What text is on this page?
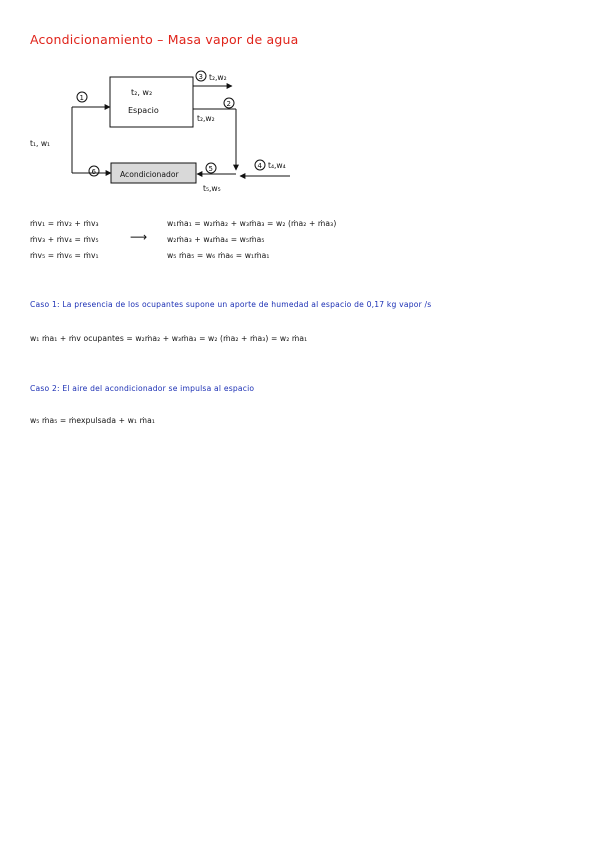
Acondicionamiento – Masa vapor de agua
t₂, w₂
Espacio
Acondicionador
1
3
2
4
5
6
t₂,w₂
t₂,w₂
t₄,w₄
t₅,w₅
t₁, w₁
ṁv₁ = ṁv₂ + ṁv₃
ṁv₃ + ṁv₄ = ṁv₅
ṁv₅ = ṁv₆ = ṁv₁
⟶
w₁ṁa₁ = w₂ṁa₂ + w₃ṁa₃ = w₂ (ṁa₂ + ṁa₃)
w₂ṁa₃ + w₄ṁa₄ = w₅ṁa₅
w₅ ṁa₅ = w₆ ṁa₆ = w₁ṁa₁
Caso 1: La presencia de los ocupantes supone un aporte de humedad al espacio de 0,17 kg vapor /s
w₁ ṁa₁ + ṁv ocupantes = w₂ṁa₂ + w₃ṁa₃ = w₂ (ṁa₂ + ṁa₃) = w₂ ṁa₁
Caso 2: El aire del acondicionador se impulsa al espacio
w₅ ṁa₅ = ṁexpulsada + w₁ ṁa₁
